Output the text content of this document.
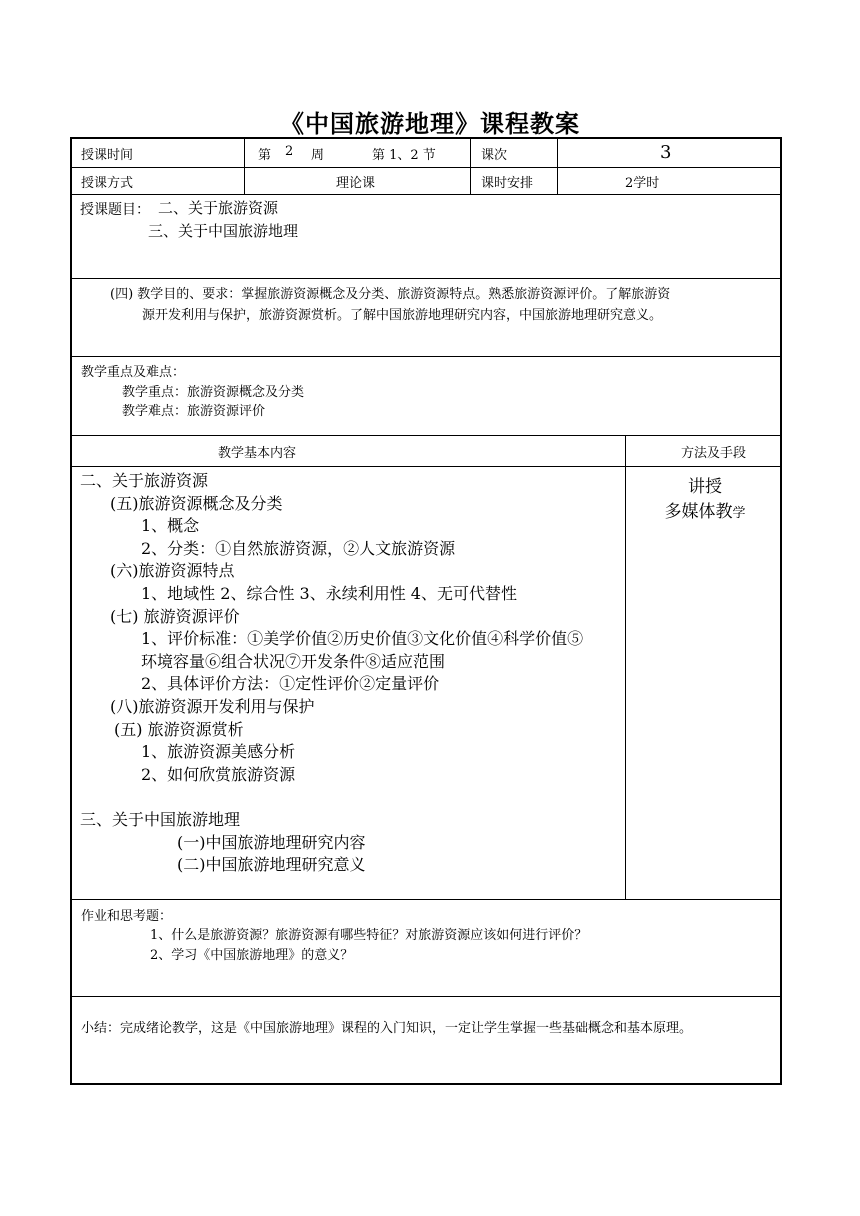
《中国旅游地理》课程教案
授课时间	第 2 周	第 1、2 节	课次	3
授课方式	理论课	课时安排	2学时
授课题目： 二、关于旅游资源
三、关于中国旅游地理
(四) 教学目的、要求：掌握旅游资源概念及分类、旅游资源特点。熟悉旅游资源评价。了解旅游资
源开发利用与保护，旅游资源赏析。了解中国旅游地理研究内容，中国旅游地理研究意义。
教学重点及难点：
教学重点：旅游资源概念及分类
教学难点：旅游资源评价
教学基本内容	方法及手段
二、关于旅游资源
(五)旅游资源概念及分类
1、概念
2、分类：①自然旅游资源，②人文旅游资源
(六)旅游资源特点
1、地域性 2、综合性 3、永续利用性 4、无可代替性
(七) 旅游资源评价
1、评价标准：①美学价值②历史价值③文化价值④科学价值⑤
环境容量⑥组合状况⑦开发条件⑧适应范围
2、具体评价方法：①定性评价②定量评价
(八)旅游资源开发利用与保护
(五) 旅游资源赏析
1、旅游资源美感分析
2、如何欣赏旅游资源
三、关于中国旅游地理
(一)中国旅游地理研究内容
(二)中国旅游地理研究意义
讲授
多媒体教学
作业和思考题：
1、什么是旅游资源？旅游资源有哪些特征？对旅游资源应该如何进行评价？
2、学习《中国旅游地理》的意义？
小结：完成绪论教学，这是《中国旅游地理》课程的入门知识，一定让学生掌握一些基础概念和基本原理。
